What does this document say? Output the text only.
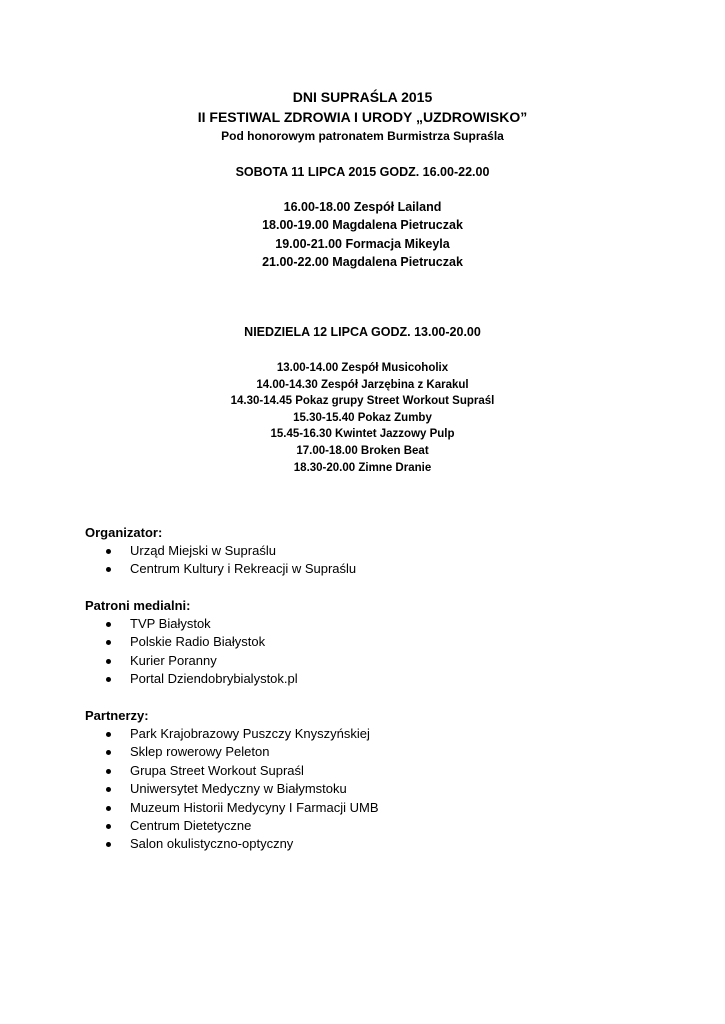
DNI SUPRAŚLA 2015
II FESTIWAL ZDROWIA I URODY „UZDROWISKO”
Pod honorowym patronatem Burmistrza Supraśla
SOBOTA 11 LIPCA 2015 GODZ. 16.00-22.00
16.00-18.00 Zespół Lailand
18.00-19.00 Magdalena Pietruczak
19.00-21.00 Formacja Mikeyla
21.00-22.00 Magdalena Pietruczak
NIEDZIELA 12 LIPCA GODZ. 13.00-20.00
13.00-14.00 Zespół Musicoholix
14.00-14.30 Zespół Jarzębina z Karakul
14.30-14.45 Pokaz grupy Street Workout Supraśl
15.30-15.40 Pokaz Zumby
15.45-16.30 Kwintet Jazzowy Pulp
17.00-18.00 Broken Beat
18.30-20.00 Zimne Dranie
Organizator:
Urząd Miejski w Supraślu
Centrum Kultury i Rekreacji w Supraślu
Patroni medialni:
TVP Białystok
Polskie Radio Białystok
Kurier Poranny
Portal Dziendobrybialystok.pl
Partnerzy:
Park Krajobrazowy Puszczy Knyszyńskiej
Sklep rowerowy Peleton
Grupa Street Workout Supraśl
Uniwersytet Medyczny w Białymstoku
Muzeum Historii Medycyny I Farmacji UMB
Centrum Dietetyczne
Salon okulistyczno-optyczny
